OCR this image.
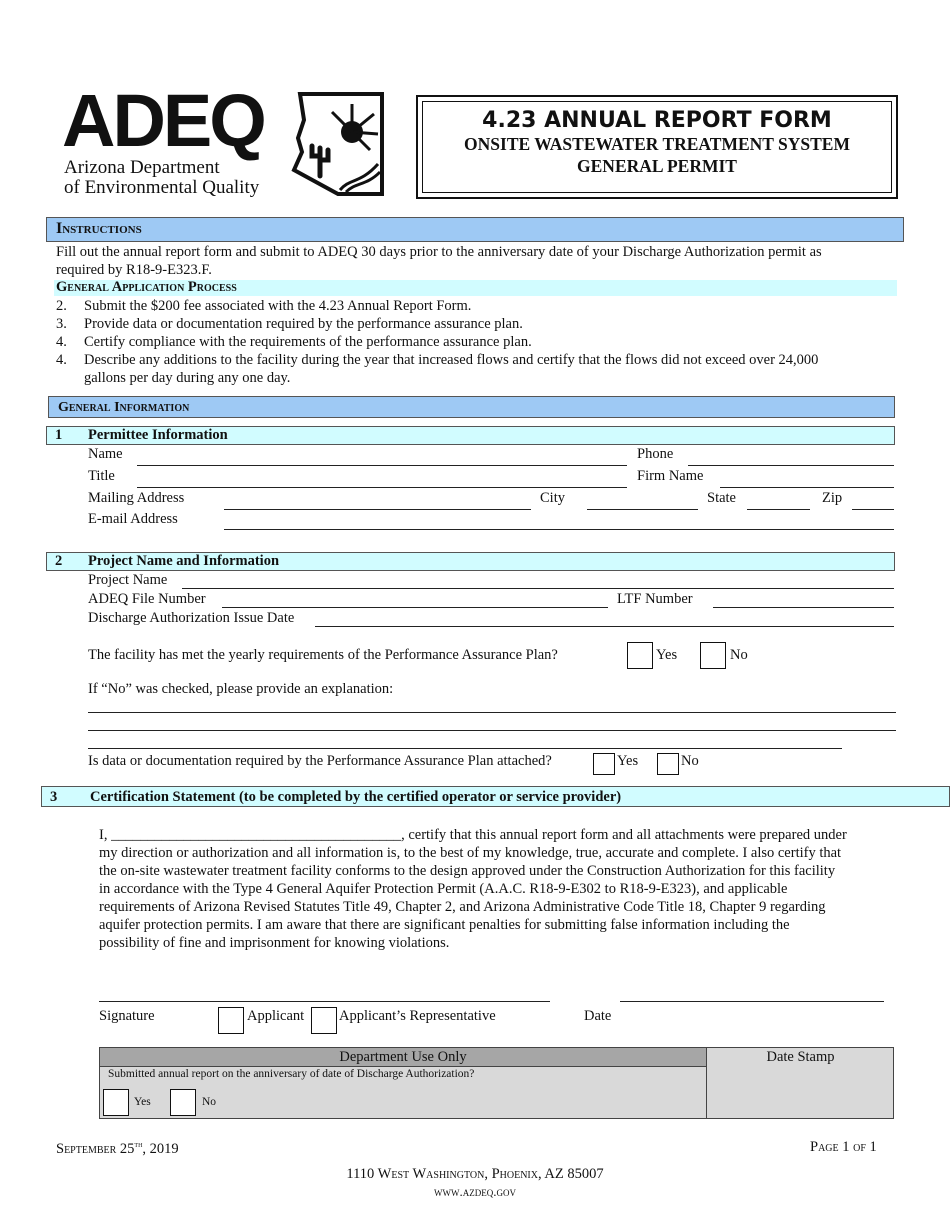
ADEQ
Arizona Department
of Environmental Quality
4.23 ANNUAL REPORT FORM
ONSITE WASTEWATER TREATMENT SYSTEM
GENERAL PERMIT
Instructions
Fill out the annual report form and submit to ADEQ 30 days prior to the anniversary date of your Discharge Authorization permit as
required by R18-9-E323.F.
General Application Process
2. Submit the $200 fee associated with the 4.23 Annual Report Form.
3. Provide data or documentation required by the performance assurance plan.
4. Certify compliance with the requirements of the performance assurance plan.
4. Describe any additions to the facility during the year that increased flows and certify that the flows did not exceed over 24,000
gallons per day during any one day.
General Information
1 Permittee Information
Name	Phone
Title	Firm Name
Mailing Address	City	State	Zip
E-mail Address
2 Project Name and Information
Project Name
ADEQ File Number	LTF Number
Discharge Authorization Issue Date
The facility has met the yearly requirements of the Performance Assurance Plan?	Yes	No
If “No” was checked, please provide an explanation:
Is data or documentation required by the Performance Assurance Plan attached?	Yes	No
3 Certification Statement (to be completed by the certified operator or service provider)
I, ________________________________________, certify that this annual report form and all attachments were prepared under
my direction or authorization and all information is, to the best of my knowledge, true, accurate and complete. I also certify that
the on-site wastewater treatment facility conforms to the design approved under the Construction Authorization for this facility
in accordance with the Type 4 General Aquifer Protection Permit (A.A.C. R18-9-E302 to R18-9-E323), and applicable
requirements of Arizona Revised Statutes Title 49, Chapter 2, and Arizona Administrative Code Title 18, Chapter 9 regarding
aquifer protection permits. I am aware that there are significant penalties for submitting false information including the
possibility of fine and imprisonment for knowing violations.
Signature	Applicant Applicant’s Representative	Date
Department Use Only
Submitted annual report on the anniversary of date of Discharge Authorization?
Yes	No
Date Stamp
September 25th, 2019	Page 1 of 1
1110 West Washington, Phoenix, AZ 85007
www.azdeq.gov
